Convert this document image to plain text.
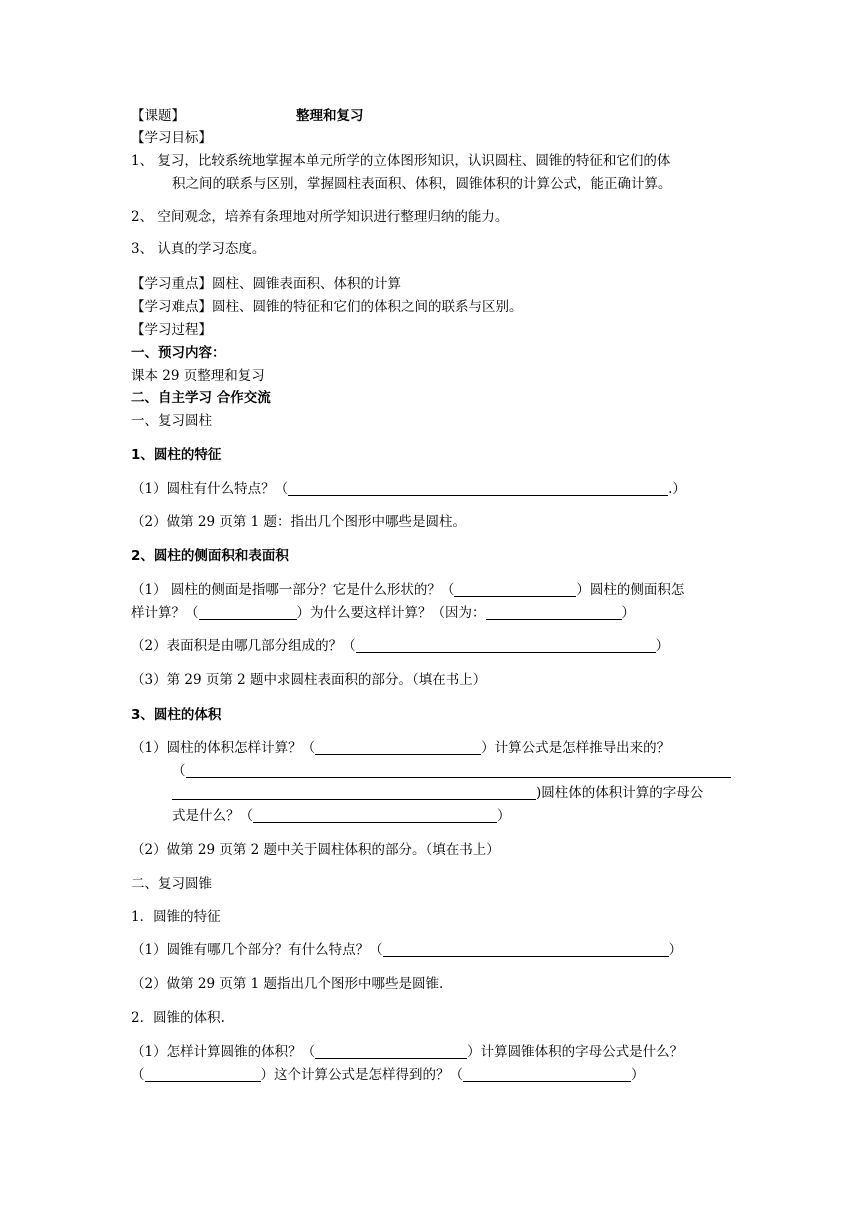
【课题】	整理和复习
【学习目标】
1、 复习，比较系统地掌握本单元所学的立体图形知识，认识圆柱、圆锥的特征和它们的体
积之间的联系与区别，掌握圆柱表面积、体积，圆锥体积的计算公式，能正确计算。
2、 空间观念，培养有条理地对所学知识进行整理归纳的能力。
3、 认真的学习态度。
【学习重点】圆柱、圆锥表面积、体积的计算
【学习难点】圆柱、圆锥的特征和它们的体积之间的联系与区别。
【学习过程】
一、预习内容：
课本 29 页整理和复习
二、自主学习 合作交流
一、复习圆柱
1、圆柱的特征
（1）圆柱有什么特点？（	.）
（2）做第 29 页第 1 题：指出几个图形中哪些是圆柱。
2、圆柱的侧面积和表面积
（1） 圆柱的侧面是指哪一部分？它是什么形状的？（	）圆柱的侧面积怎
样计算？（	）为什么要这样计算？（因为：	）
（2）表面积是由哪几部分组成的？（	）
（3）第 29 页第 2 题中求圆柱表面积的部分。（填在书上）
3、圆柱的体积
（1）圆柱的体积怎样计算？（	）计算公式是怎样推导出来的？
（
)圆柱体的体积计算的字母公
式是什么？（	）
（2）做第 29 页第 2 题中关于圆柱体积的部分。（填在书上）
二、复习圆锥
1．圆锥的特征
（1）圆锥有哪几个部分？有什么特点？（	）
（2）做第 29 页第 1 题指出几个图形中哪些是圆锥.
2．圆锥的体积.
（1）怎样计算圆锥的体积？（	）计算圆锥体积的字母公式是什么？
（	）这个计算公式是怎样得到的？（	）
